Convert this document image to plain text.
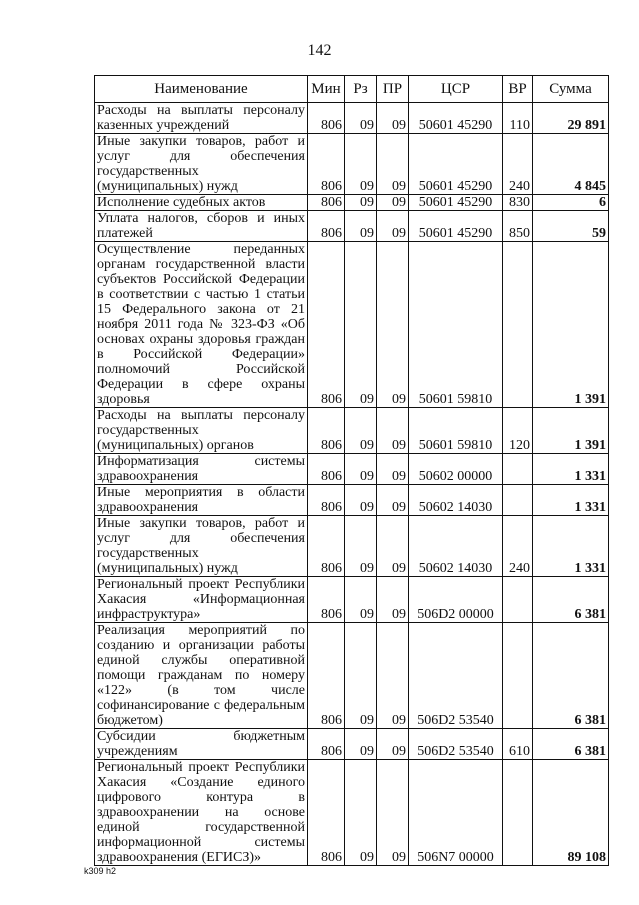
142
Наименование	Мин	Рз	ПР	ЦСР	ВР	Сумма
Расходы на выплаты персоналу казенных учреждений	806	09	09	50601 45290	110	29 891
Иные закупки товаров, работ и услуг для обеспечения государственных (муниципальных) нужд	806	09	09	50601 45290	240	4 845
Исполнение судебных актов	806	09	09	50601 45290	830	6
Уплата налогов, сборов и иных платежей	806	09	09	50601 45290	850	59
Осуществление переданных органам государственной власти субъектов Российской Федерации в соответствии с частью 1 статьи 15 Федерального закона от 21 ноября 2011 года № 323-ФЗ «Об основах охраны здоровья граждан в Российской Федерации» полномочий Российской Федерации в сфере охраны здоровья	806	09	09	50601 59810		1 391
Расходы на выплаты персоналу государственных (муниципальных) органов	806	09	09	50601 59810	120	1 391
Информатизация системы здравоохранения	806	09	09	50602 00000		1 331
Иные мероприятия в области здравоохранения	806	09	09	50602 14030		1 331
Иные закупки товаров, работ и услуг для обеспечения государственных (муниципальных) нужд	806	09	09	50602 14030	240	1 331
Региональный проект Республики Хакасия «Информационная инфраструктура»	806	09	09	506D2 00000		6 381
Реализация мероприятий по созданию и организации работы единой службы оперативной помощи гражданам по номеру «122» (в том числе софинансирование с федеральным бюджетом)	806	09	09	506D2 53540		6 381
Субсидии бюджетным учреждениям	806	09	09	506D2 53540	610	6 381
Региональный проект Республики Хакасия «Создание единого цифрового контура в здравоохранении на основе единой государственной информационной системы здравоохранения (ЕГИСЗ)»	806	09	09	506N7 00000		89 108
k309 h2
